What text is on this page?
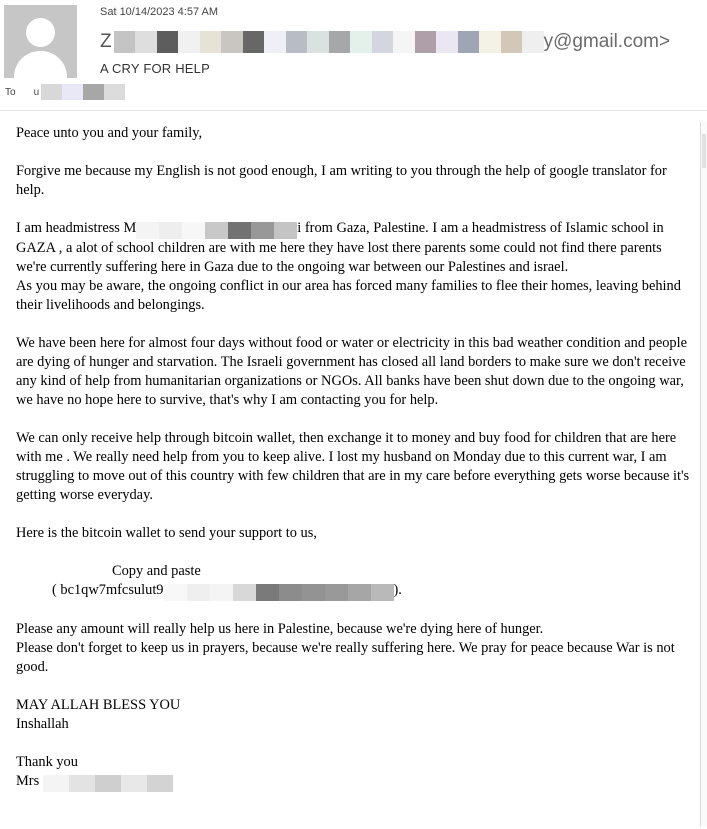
Sat 10/14/2023 4:57 AM
Z	y@gmail.com>
A CRY FOR HELP
To u

Peace unto you and your family,

Forgive me because my English is not good enough, I am writing to you through the help of google translator for help.

I am headmistress M	i from Gaza, Palestine. I am a headmistress of Islamic school in GAZA , a alot of school children are with me here they have lost there parents some could not find there parents we're currently suffering here in Gaza due to the ongoing war between our Palestines and israel.

As you may be aware, the ongoing conflict in our area has forced many families to flee their homes, leaving behind their livelihoods and belongings.

We have been here for almost four days without food or water or electricity in this bad weather condition and people are dying of hunger and starvation. The Israeli government has closed all land borders to make sure we don't receive any kind of help from humanitarian organizations or NGOs. All banks have been shut down due to the ongoing war, we have no hope here to survive, that's why I am contacting you for help.

We can only receive help through bitcoin wallet, then exchange it to money and buy food for children that are here with me . We really need help from you to keep alive. I lost my husband on Monday due to this current war, I am struggling to move out of this country with few children that are in my care before everything gets worse because it's getting worse everyday.

Here is the bitcoin wallet to send your support to us,

Copy and paste

( bc1qw7mfcsulut9	).

Please any amount will really help us here in Palestine, because we're dying here of hunger.

Please don't forget to keep us in prayers, because we're really suffering here. We pray for peace because War is not good.

MAY ALLAH BLESS YOU

Inshallah

Thank you

Mrs
